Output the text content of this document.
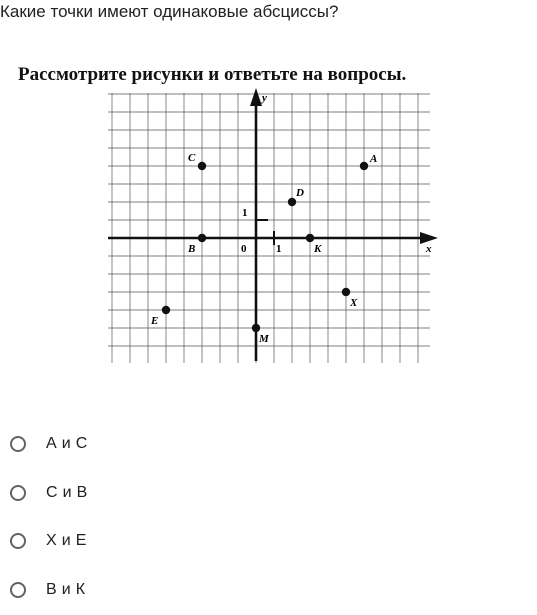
Какие точки имеют одинаковые абсциссы?
Рассмотрите рисунки и ответьте на вопросы.
x
y
0	1
1
A
C
D
B	K
X
E
M
А и С
С и В
Х и Е
В и К
